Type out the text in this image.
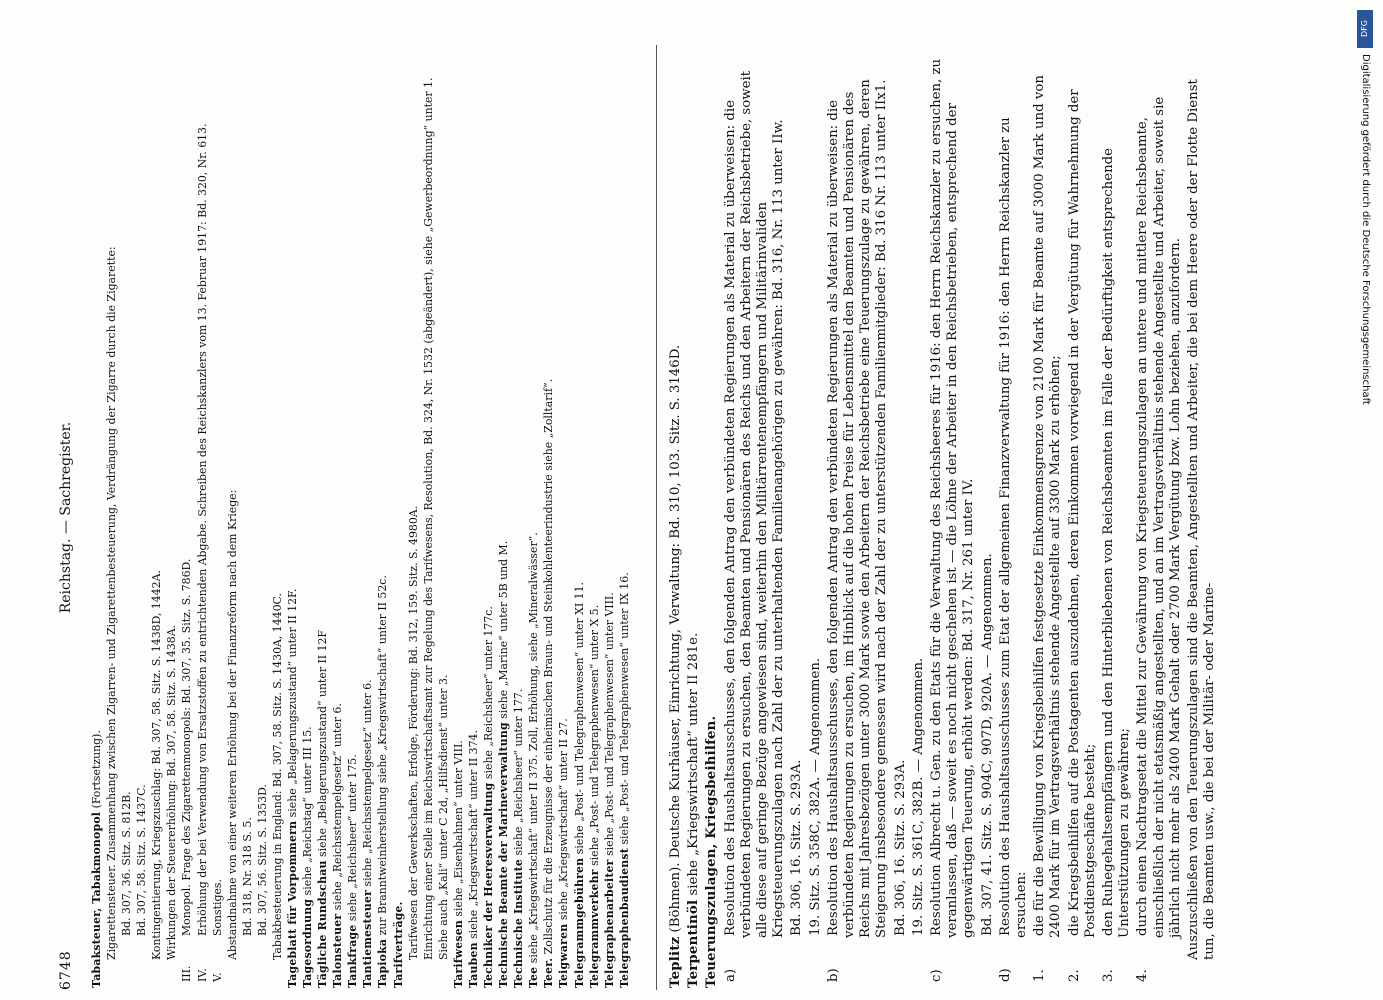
6748
Reichstag. — Sachregister.
Tabaksteuer, Tabakmonopol (Fortsetzung). Zigarettensteuer. Zusammenhang zwischen Zigarren- und Zigarettenbesteuerung, Verdrängung der Zigarre durch die Zigarette: Bd. 307, 36. Sitz. S. 812B. Bd. 307, 58. Sitz. S. 1437C. Kontingentierung, Kriegszuschlag: Bd. 307, 58. Sitz. S. 1438D, 1442A. Wirkungen der Steuererhöhung: Bd. 307, 58. Sitz. S. 1438A.
III.Monopol. Frage des Zigarettenmonopols: Bd. 307, 35. Sitz. S. 786D.
IV.Erhöhung der bei Verwendung von Ersatzstoffen zu entrichtenden Abgabe. Schreiben des Reichskanzlers vom 13. Februar 1917: Bd. 320, Nr. 613.
V.Sonstiges. Abstandnahme von einer weiteren Erhöhung bei der Finanzreform nach dem Kriege: Bd. 318, Nr. 318 S. 5. Bd. 307, 56. Sitz. S. 1353D. Tabakbesteuerung in England: Bd. 307, 58. Sitz. S. 1430A, 1440C. Tageblatt für Vorpommern siehe „Belagerungszustand“ unter II 12F.
Tagesordnung siehe „Reichstag“ unter III 15.
Tägliche Rundschau siehe „Belagerungszustand“ unter II 12F
Talonsteuer siehe „Reichsstempelgesetz“ unter 6.
Tankfrage siehe „Reichsheer“ unter 175.
Tantiemesteuer siehe „Reichsstempelgesetz“ unter 6.
Tapioka zur Branntweinherstellung siehe „Kriegswirtschaft“ unter II 52c.
Tarifverträge. Tarifwesen der Gewerkschaften, Erfolge, Förderung: Bd. 312, 159. Sitz. S. 4980A. Einrichtung einer Stelle im Reichswirtschaftsamt zur Regelung des Tarifwesens, Resolution, Bd. 324, Nr. 1532 (abgeändert), siehe „Gewerbeordnung“ unter 1. Siehe auch „Kali“ unter C 2d, „Hilfsdienst“ unter 3. Tarifwesen siehe „Eisenbahnen“ unter VIII.
Tauben siehe „Kriegswirtschaft“ unter II 374. Techniker der Heeresverwaltung siehe „Reichsheer“ unter 177c.
Technische Beamte der Marineverwaltung siehe „Marine“ unter 5B und M.
Technische Institute siehe „Reichsheer“ unter 177.
Tee siehe „Kriegswirtschaft“ unter II 375. Zoll, Erhöhung, siehe „Mineralwässer“.
Teer. Zollschutz für die Erzeugnisse der einheimischen Braun- und Steinkohlenteerindustrie siehe „Zolltarif“. Teigwaren siehe „Kriegswirtschaft“ unter II 27. Telegrammgebühren siehe „Post- und Telegraphenwesen“ unter XI 11.
Telegrammverkehr siehe „Post- und Telegraphenwesen“ unter X 5.
Telegraphenarbeiter siehe „Post- und Telegraphenwesen“ unter VIII.
Telegraphenbaudienst siehe „Post- und Telegraphenwesen“ unter IX 16.
Teplitz (Böhmen). Deutsche Kurhäuser, Einrichtung, Verwaltung: Bd. 310, 103. Sitz. S. 3146D.
Terpentinöl siehe „Kriegswirtschaft“ unter II 281e. Teuerungszulagen, Kriegsbeihilfen. a)Resolution des Haushaltsausschusses, den folgenden Antrag den verbündeten Regierungen als Material zu überweisen: die verbündeten Regierungen zu ersuchen, den Beamten und Pensionären des Reichs und den Arbeitern der Reichsbetriebe, soweit alle diese auf geringe Bezüge angewiesen sind, weiterhin den Militärrentenempfängern und Militärinvaliden Kriegsteuerungszulagen nach Zahl der zu unterhaltenden Familienangehörigen zu gewähren: Bd. 316, Nr. 113 unter IIw. Bd. 306, 16. Sitz. S. 293A. 19. Sitz. S. 358C, 382A. — Angenommen.
b)Resolution des Haushaltsausschusses, den folgenden Antrag den verbündeten Regierungen als Material zu überweisen: die verbündeten Regierungen zu ersuchen, im Hinblick auf die hohen Preise für Lebensmittel den Beamten und Pensionären des Reichs mit Jahresbezügen unter 3000 Mark sowie den Arbeitern der Reichsbetriebe eine Teuerungszulage zu gewähren, deren Steigerung insbesondere gemessen wird nach der Zahl der zu unterstützenden Familienmitglieder: Bd. 316 Nr. 113 unter IIx1. Bd. 306, 16. Sitz. S. 293A. 19. Sitz. S. 361C, 382B. — Angenommen.
c)Resolution Albrecht u. Gen. zu den Etats für die Verwaltung des Reichsheeres für 1916: den Herrn Reichskanzler zu ersuchen, zu veranlassen, daß — soweit es noch nicht geschehen ist — die Löhne der Arbeiter in den Reichsbetrieben, entsprechend der gegenwärtigen Teuerung, erhöht werden: Bd. 317, Nr. 261 unter IV. Bd. 307, 41. Sitz. S. 904C, 907D, 920A. — Angenommen.
d)Resolution des Haushaltsausschusses zum Etat der allgemeinen Finanzverwaltung für 1916: den Herrn Reichskanzler zu ersuchen:
1.die für die Bewilligung von Kriegsbeihilfen festgesetzte Einkommensgrenze von 2100 Mark für Beamte auf 3000 Mark und von 2400 Mark für im Vertragsverhältnis stehende Angestellte auf 3300 Mark zu erhöhen;
2.die Kriegsbeihilfen auf die Postagenten auszudehnen, deren Einkommen vorwiegend in der Vergütung für Wahrnehmung der Postdienstgeschäfte besteht;
3.den Ruhegehaltsempfängern und den Hinterbliebenen von Reichsbeamten im Falle der Bedürftigkeit entsprechende Unterstützungen zu gewähren;
4.durch einen Nachtragsetat die Mittel zur Gewährung von Kriegsteuerungszulagen an untere und mittlere Reichsbeamte, einschließlich der nicht etatsmäßig angestellten, und an im Vertragsverhältnis stehende Angestellte und Arbeiter, soweit sie jährlich nicht mehr als 2400 Mark Gehalt oder 2700 Mark Vergütung bzw. Lohn beziehen, anzufordern. Auszuschließen von den Teuerungszulagen sind die Beamten, Angestellten und Arbeiter, die bei dem Heere oder der Flotte Dienst tun, die Beamten usw., die bei der Militär- oder Marine-
DFG
Digitalisierung gefördert durch die Deutsche Forschungsgemeinschaft
